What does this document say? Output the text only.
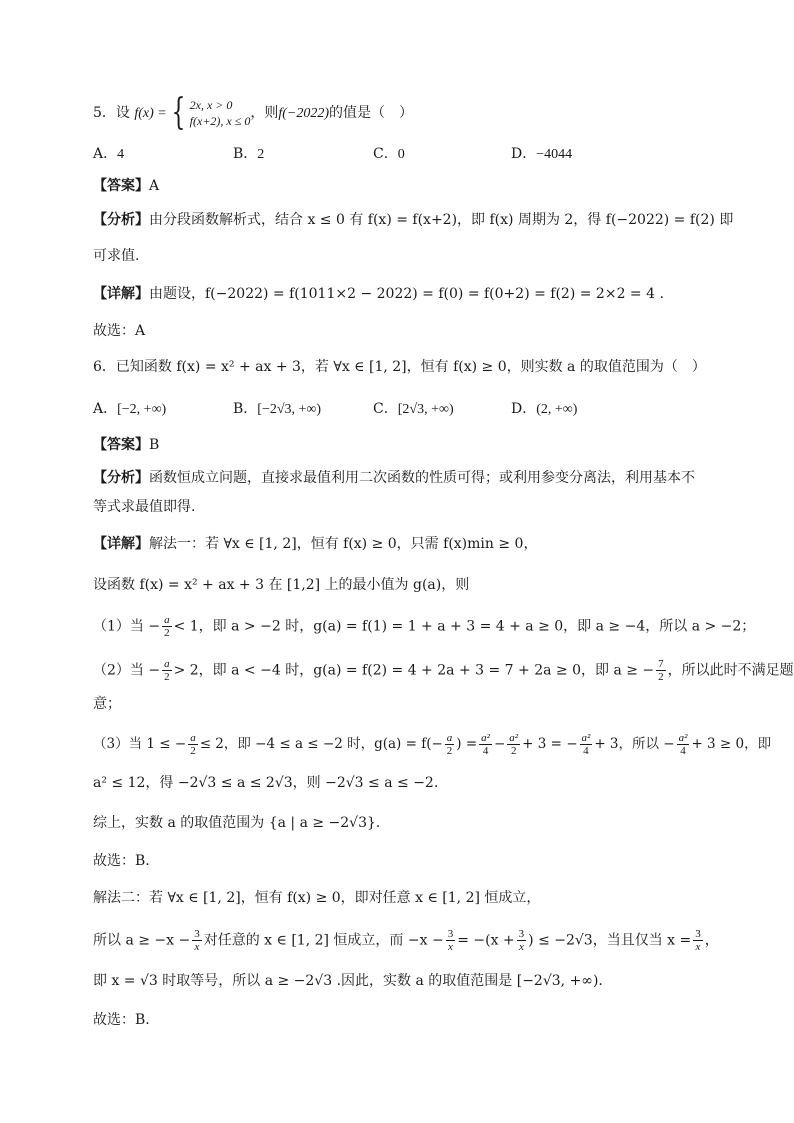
5．设 f(x) = { 2x, x > 0
f(x+2), x ≤ 0 ，则f(−2022)的值是（　）
A．4	B．2	C．0	D．−4044
【答案】A
【分析】由分段函数解析式，结合 x ≤ 0 有 f(x) = f(x+2)，即 f(x) 周期为 2，得 f(−2022) = f(2) 即
可求值.
【详解】由题设，f(−2022) = f(1011×2 − 2022) = f(0) = f(0+2) = f(2) = 2×2 = 4 .
故选：A
6．已知函数 f(x) = x² + ax + 3，若 ∀x ∈ [1, 2]，恒有 f(x) ≥ 0，则实数 a 的取值范围为（　）
A．[−2, +∞)	B．[−2√3, +∞)	C．[2√3, +∞)	D．(2, +∞)
【答案】B
【分析】函数恒成立问题，直接求最值利用二次函数的性质可得；或利用参变分离法，利用基本不
等式求最值即得.
【详解】解法一：若 ∀x ∈ [1, 2]，恒有 f(x) ≥ 0，只需 f(x)min ≥ 0，
设函数 f(x) = x² + ax + 3 在 [1,2] 上的最小值为 g(a)，则
（1）当 − $\frac{a}{2} < 1$，即 a > −2 时，g(a) = f(1) = 1 + a + 3 = 4 + a ≥ 0，即 a ≥ −4，所以 a > −2；
（2）当 − $\frac{a}{2} > 2$，即 a < −4 时，g(a) = f(2) = 4 + 2a + 3 = 7 + 2a ≥ 0，即 a ≥ − $\frac{7}{2}$ ，所以此时不满足题
意；
（3）当 1 ≤ − $\frac{a}{2} \le 2$，即 −4 ≤ a ≤ −2 时，$g(a) = f(- \frac{a}{2}$ ) = $\frac{\text{a²}}{4} - \frac{\text{a²}}{2} + 3$ = − $\frac{\text{a²}}{4} + 3$，所以 − $\frac{\text{a²}}{4} + 3 \ge 0$，即
a² ≤ 12，得 −2√3 ≤ a ≤ 2√3，则 −2√3 ≤ a ≤ −2.
综上，实数 a 的取值范围为 {a | a ≥ −2√3}.
故选：B.
解法二：若 ∀x ∈ [1, 2]，恒有 f(x) ≥ 0，即对任意 x ∈ [1, 2] 恒成立，
所以 $a \ge -x - \frac{3}{x}$ 对任意的 x ∈ [1, 2] 恒成立，而 $-x - \frac{3}{x} = -(x + \frac{3}{x}$ ) ≤ −2√3，当且仅当 $x = \frac{3}{x}$ ，
即 x = √3 时取等号，所以 a ≥ −2√3 .因此，实数 a 的取值范围是 [−2√3, +∞).
故选：B.
